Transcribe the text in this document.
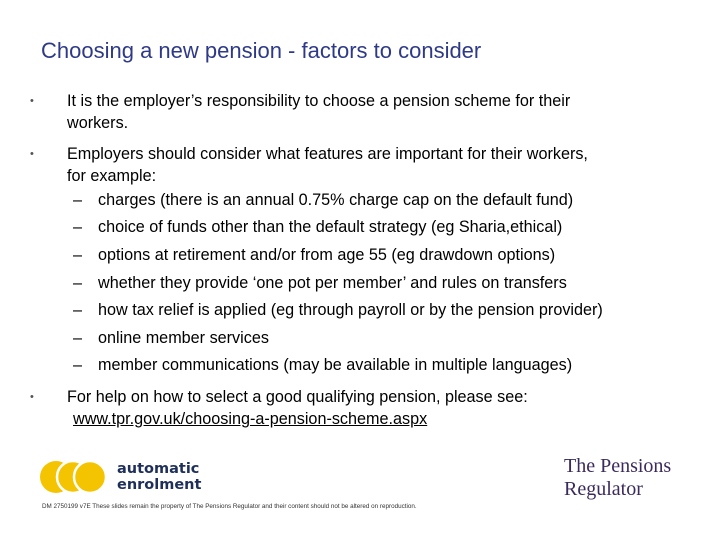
Choosing a new pension - factors to consider
•	It is the employer’s responsibility to choose a pension scheme for their
workers.
•	Employers should consider what features are important for their workers,
for example:
– charges (there is an annual 0.75% charge cap on the default fund)
– choice of funds other than the default strategy (eg Sharia,ethical)
– options at retirement and/or from age 55 (eg drawdown options)
– whether they provide ‘one pot per member’ and rules on transfers
– how tax relief is applied (eg through payroll or by the pension provider)
– online member services
– member communications (may be available in multiple languages)
•	For help on how to select a good qualifying pension, please see:
www.tpr.gov.uk/choosing-a-pension-scheme.aspx
automatic
enrolment
The Pensions
Regulator
DM 2750199 v7E These slides remain the property of The Pensions Regulator and their content should not be altered on reproduction.
